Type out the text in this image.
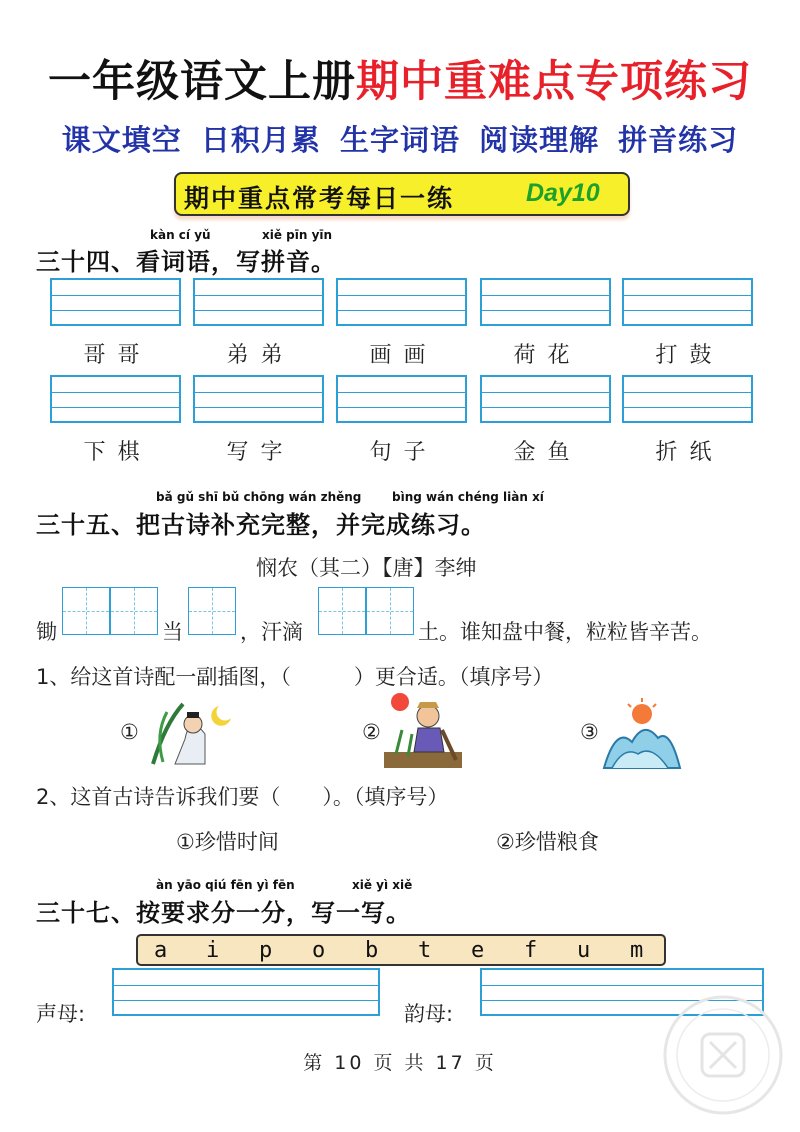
一年级语文上册期中重难点专项练习
课文填空 日积月累 生字词语 阅读理解 拼音练习
期中重点常考每日一练	Day10
kàn cí yǔ	xiě pīn yīn
三十四、看词语，写拼音。
哥哥	弟弟	画画	荷花	打鼓
下棋	写字	句子	金鱼	折纸
bǎ gǔ shī bǔ chōng wán zhěng	bìng wán chéng liàn xí
三十五、把古诗补充完整，并完成练习。
悯农（其二）【唐】李绅
锄	当	，汗滴	土。谁知盘中餐，粒粒皆辛苦。
1、给这首诗配一副插图，（　　　）更合适。（填序号）
①	②	③
2、这首古诗告诉我们要（　　）。（填序号）
①珍惜时间	②珍惜粮食
àn yāo qiú fēn yì fēn	xiě yì xiě
三十七、按要求分一分，写一写。
a i p o b t e f u m
声母:	韵母:
第 10 页 共 17 页
